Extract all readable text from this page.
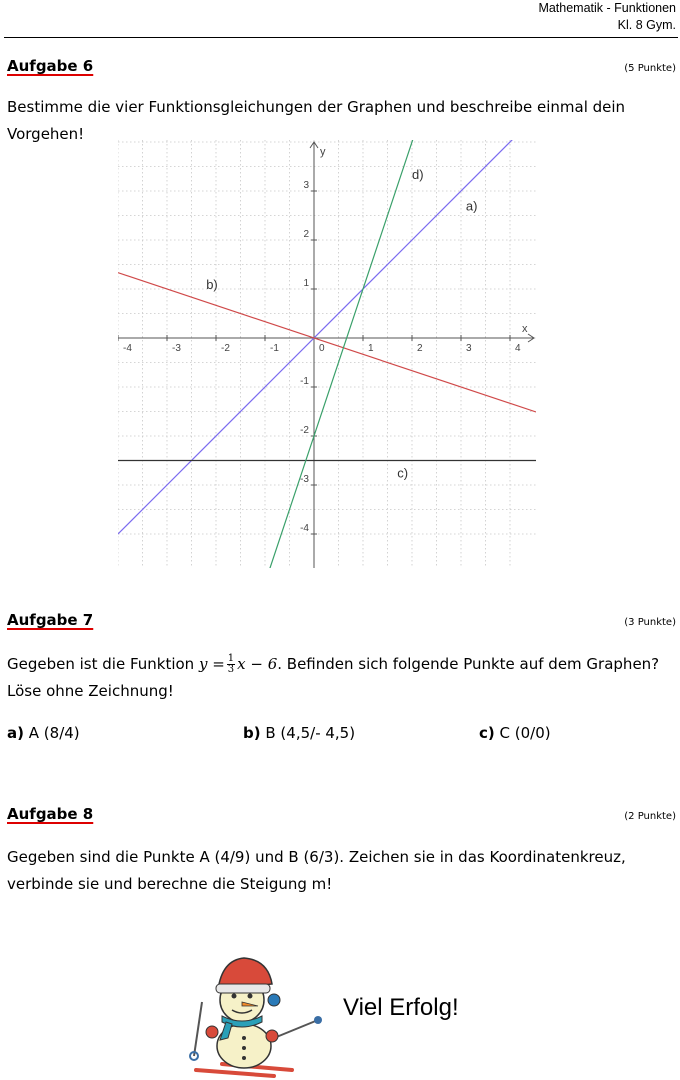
Mathematik - Funktionen
Kl. 8 Gym.
Aufgabe 6	(5 Punkte)
Bestimme die vier Funktionsgleichungen der Graphen und beschreibe einmal dein
Vorgehen!
x
y
-4	-3	-2	-1	0	1	2	3	4
-4
-3
-2
-1
1
2
3
a)
b)
c)
d)
Aufgabe 7	(3 Punkte)
Gegeben ist die Funktion $y = \frac{1}{3}$ x − 6. Befinden sich folgende Punkte auf dem Graphen?
Löse ohne Zeichnung!
a) A (8/4)	b) B (4,5/- 4,5)	c) C (0/0)
Aufgabe 8	(2 Punkte)
Gegeben sind die Punkte A (4/9) und B (6/3). Zeichen sie in das Koordinatenkreuz,
verbinde sie und berechne die Steigung m!
Viel Erfolg!
